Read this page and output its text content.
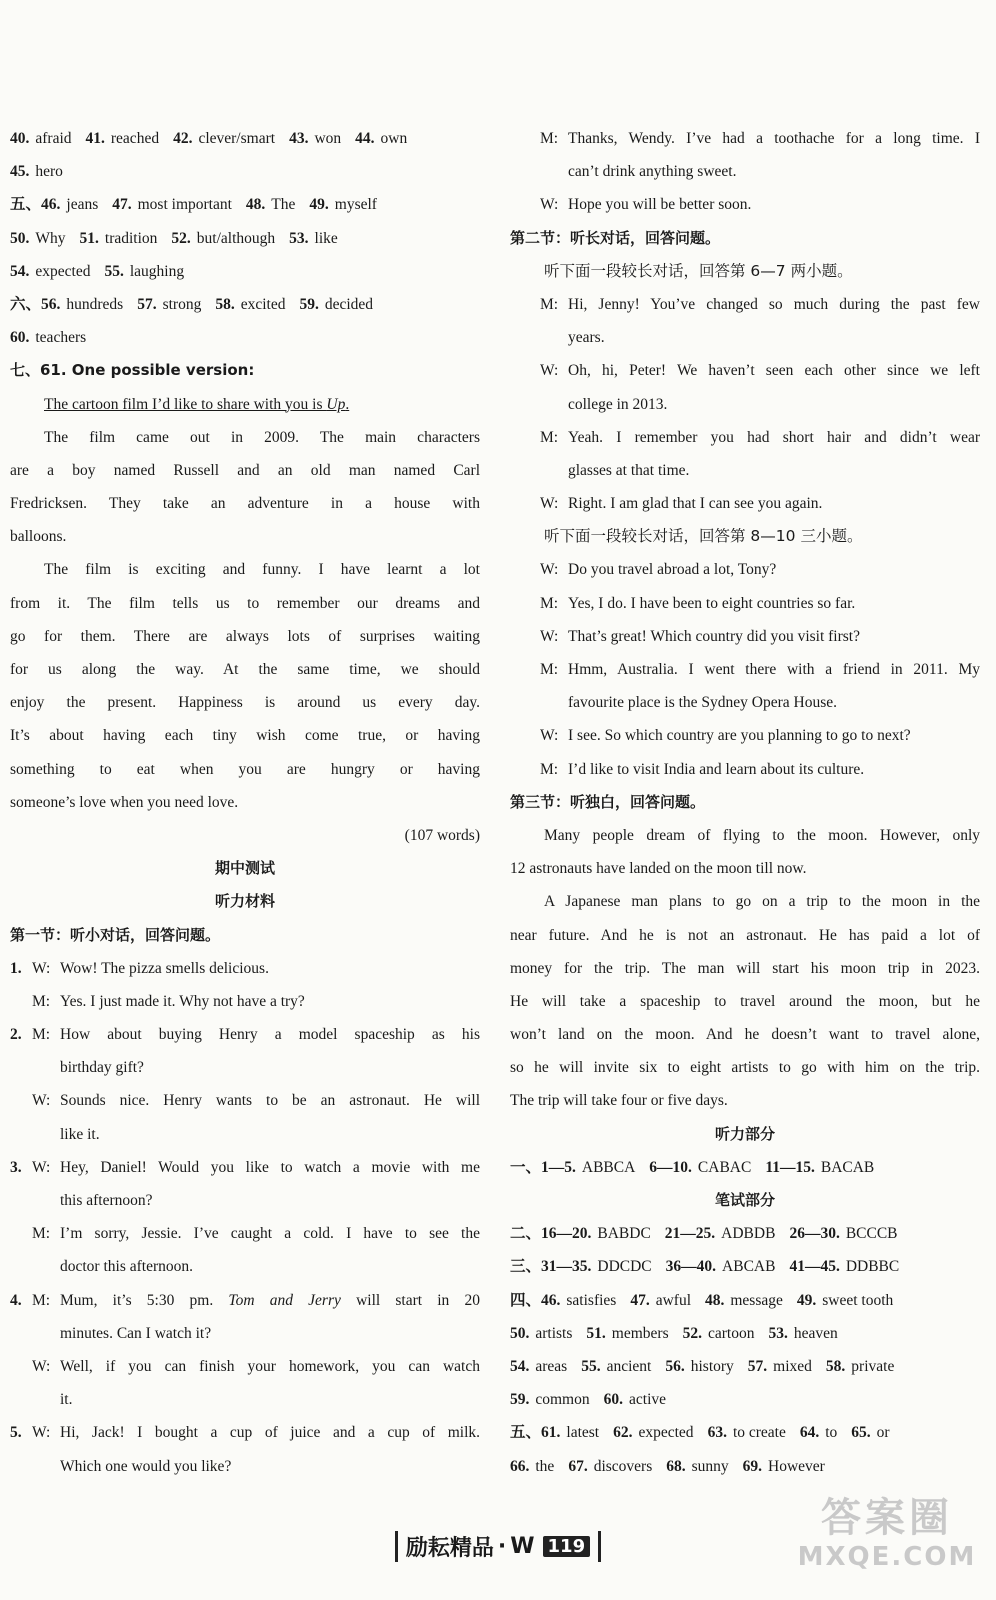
40. afraid 41. reached 42. clever/smart 43. won 44. own
45. hero
五、46. jeans 47. most important 48. The 49. myself
50. Why 51. tradition 52. but/although 53. like
54. expected 55. laughing
六、56. hundreds 57. strong 58. excited 59. decided
60. teachers
七、61. One possible version:
The cartoon film I’d like to share with you is Up.
The film came out in 2009. The main characters
are a boy named Russell and an old man named Carl
Fredricksen. They take an adventure in a house with
balloons.
The film is exciting and funny. I have learnt a lot
from it. The film tells us to remember our dreams and
go for them. There are always lots of surprises waiting
for us along the way. At the same time, we should
enjoy the present. Happiness is around us every day.
It’s about having each tiny wish come true, or having
something to eat when you are hungry or having
someone’s love when you need love.
(107 words)
期中测试
听力材料
第一节：听小对话，回答问题。
1. W: Wow! The pizza smells delicious.
M: Yes. I just made it. Why not have a try?
2. M: How about buying Henry a model spaceship as his
birthday gift?
W: Sounds nice. Henry wants to be an astronaut. He will
like it.
3. W: Hey, Daniel! Would you like to watch a movie with me
this afternoon?
M: I’m sorry, Jessie. I’ve caught a cold. I have to see the
doctor this afternoon.
4. M: Mum, it’s 5:30 pm. Tom and Jerry will start in 20
minutes. Can I watch it?
W: Well, if you can finish your homework, you can watch
it.
5. W: Hi, Jack! I bought a cup of juice and a cup of milk.
Which one would you like?
M: Thanks, Wendy. I’ve had a toothache for a long time. I
can’t drink anything sweet.
W: Hope you will be better soon.
第二节：听长对话，回答问题。
听下面一段较长对话，回答第 6—7 两小题。
M: Hi, Jenny! You’ve changed so much during the past few
years.
W: Oh, hi, Peter! We haven’t seen each other since we left
college in 2013.
M: Yeah. I remember you had short hair and didn’t wear
glasses at that time.
W: Right. I am glad that I can see you again.
听下面一段较长对话，回答第 8—10 三小题。
W: Do you travel abroad a lot, Tony?
M: Yes, I do. I have been to eight countries so far.
W: That’s great! Which country did you visit first?
M: Hmm, Australia. I went there with a friend in 2011. My
favourite place is the Sydney Opera House.
W: I see. So which country are you planning to go to next?
M: I’d like to visit India and learn about its culture.
第三节：听独白，回答问题。
Many people dream of flying to the moon. However, only
12 astronauts have landed on the moon till now.
A Japanese man plans to go on a trip to the moon in the
near future. And he is not an astronaut. He has paid a lot of
money for the trip. The man will start his moon trip in 2023.
He will take a spaceship to travel around the moon, but he
won’t land on the moon. And he doesn’t want to travel alone,
so he will invite six to eight artists to go with him on the trip.
The trip will take four or five days.
听力部分
一、1—5. ABBCA 6—10. CABAC 11—15. BACAB
笔试部分
二、16—20. BABDC 21—25. ADBDB 26—30. BCCCB
三、31—35. DDCDC 36—40. ABCAB 41—45. DDBBC
四、46. satisfies 47. awful 48. message 49. sweet tooth
50. artists 51. members 52. cartoon 53. heaven
54. areas 55. ancient 56. history 57. mixed 58. private
59. common 60. active
五、61. latest 62. expected 63. to create 64. to 65. or
66. the 67. discovers 68. sunny 69. However
励耘精品 · W 119
答案圈
MXQE.COM
